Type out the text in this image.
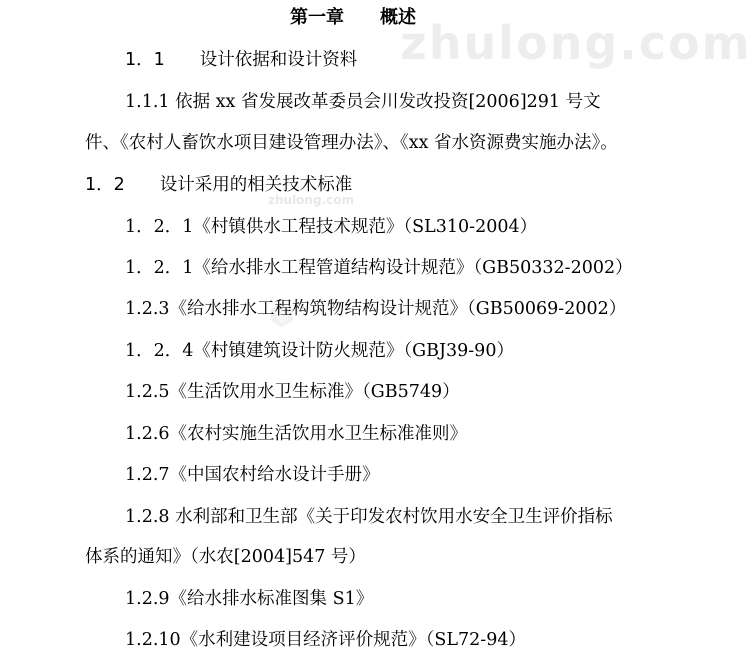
zhulong.com
zhulong.com
第一章　　概述
1．1　　设计依据和设计资料
1.1.1 依据 xx 省发展改革委员会川发改投资[2006]291 号文
件、《农村人畜饮水项目建设管理办法》、《xx 省水资源费实施办法》。
1．2　　设计采用的相关技术标准
1．2．1《村镇供水工程技术规范》（SL310-2004）
1．2．1《给水排水工程管道结构设计规范》（GB50332-2002）
1.2.3《给水排水工程构筑物结构设计规范》（GB50069-2002）
1．2．4《村镇建筑设计防火规范》（GBJ39-90）
1.2.5《生活饮用水卫生标准》（GB5749）
1.2.6《农村实施生活饮用水卫生标准准则》
1.2.7《中国农村给水设计手册》
1.2.8 水利部和卫生部《关于印发农村饮用水安全卫生评价指标
体系的通知》（水农[2004]547 号）
1.2.9《给水排水标准图集 S1》
1.2.10《水利建设项目经济评价规范》（SL72-94）
